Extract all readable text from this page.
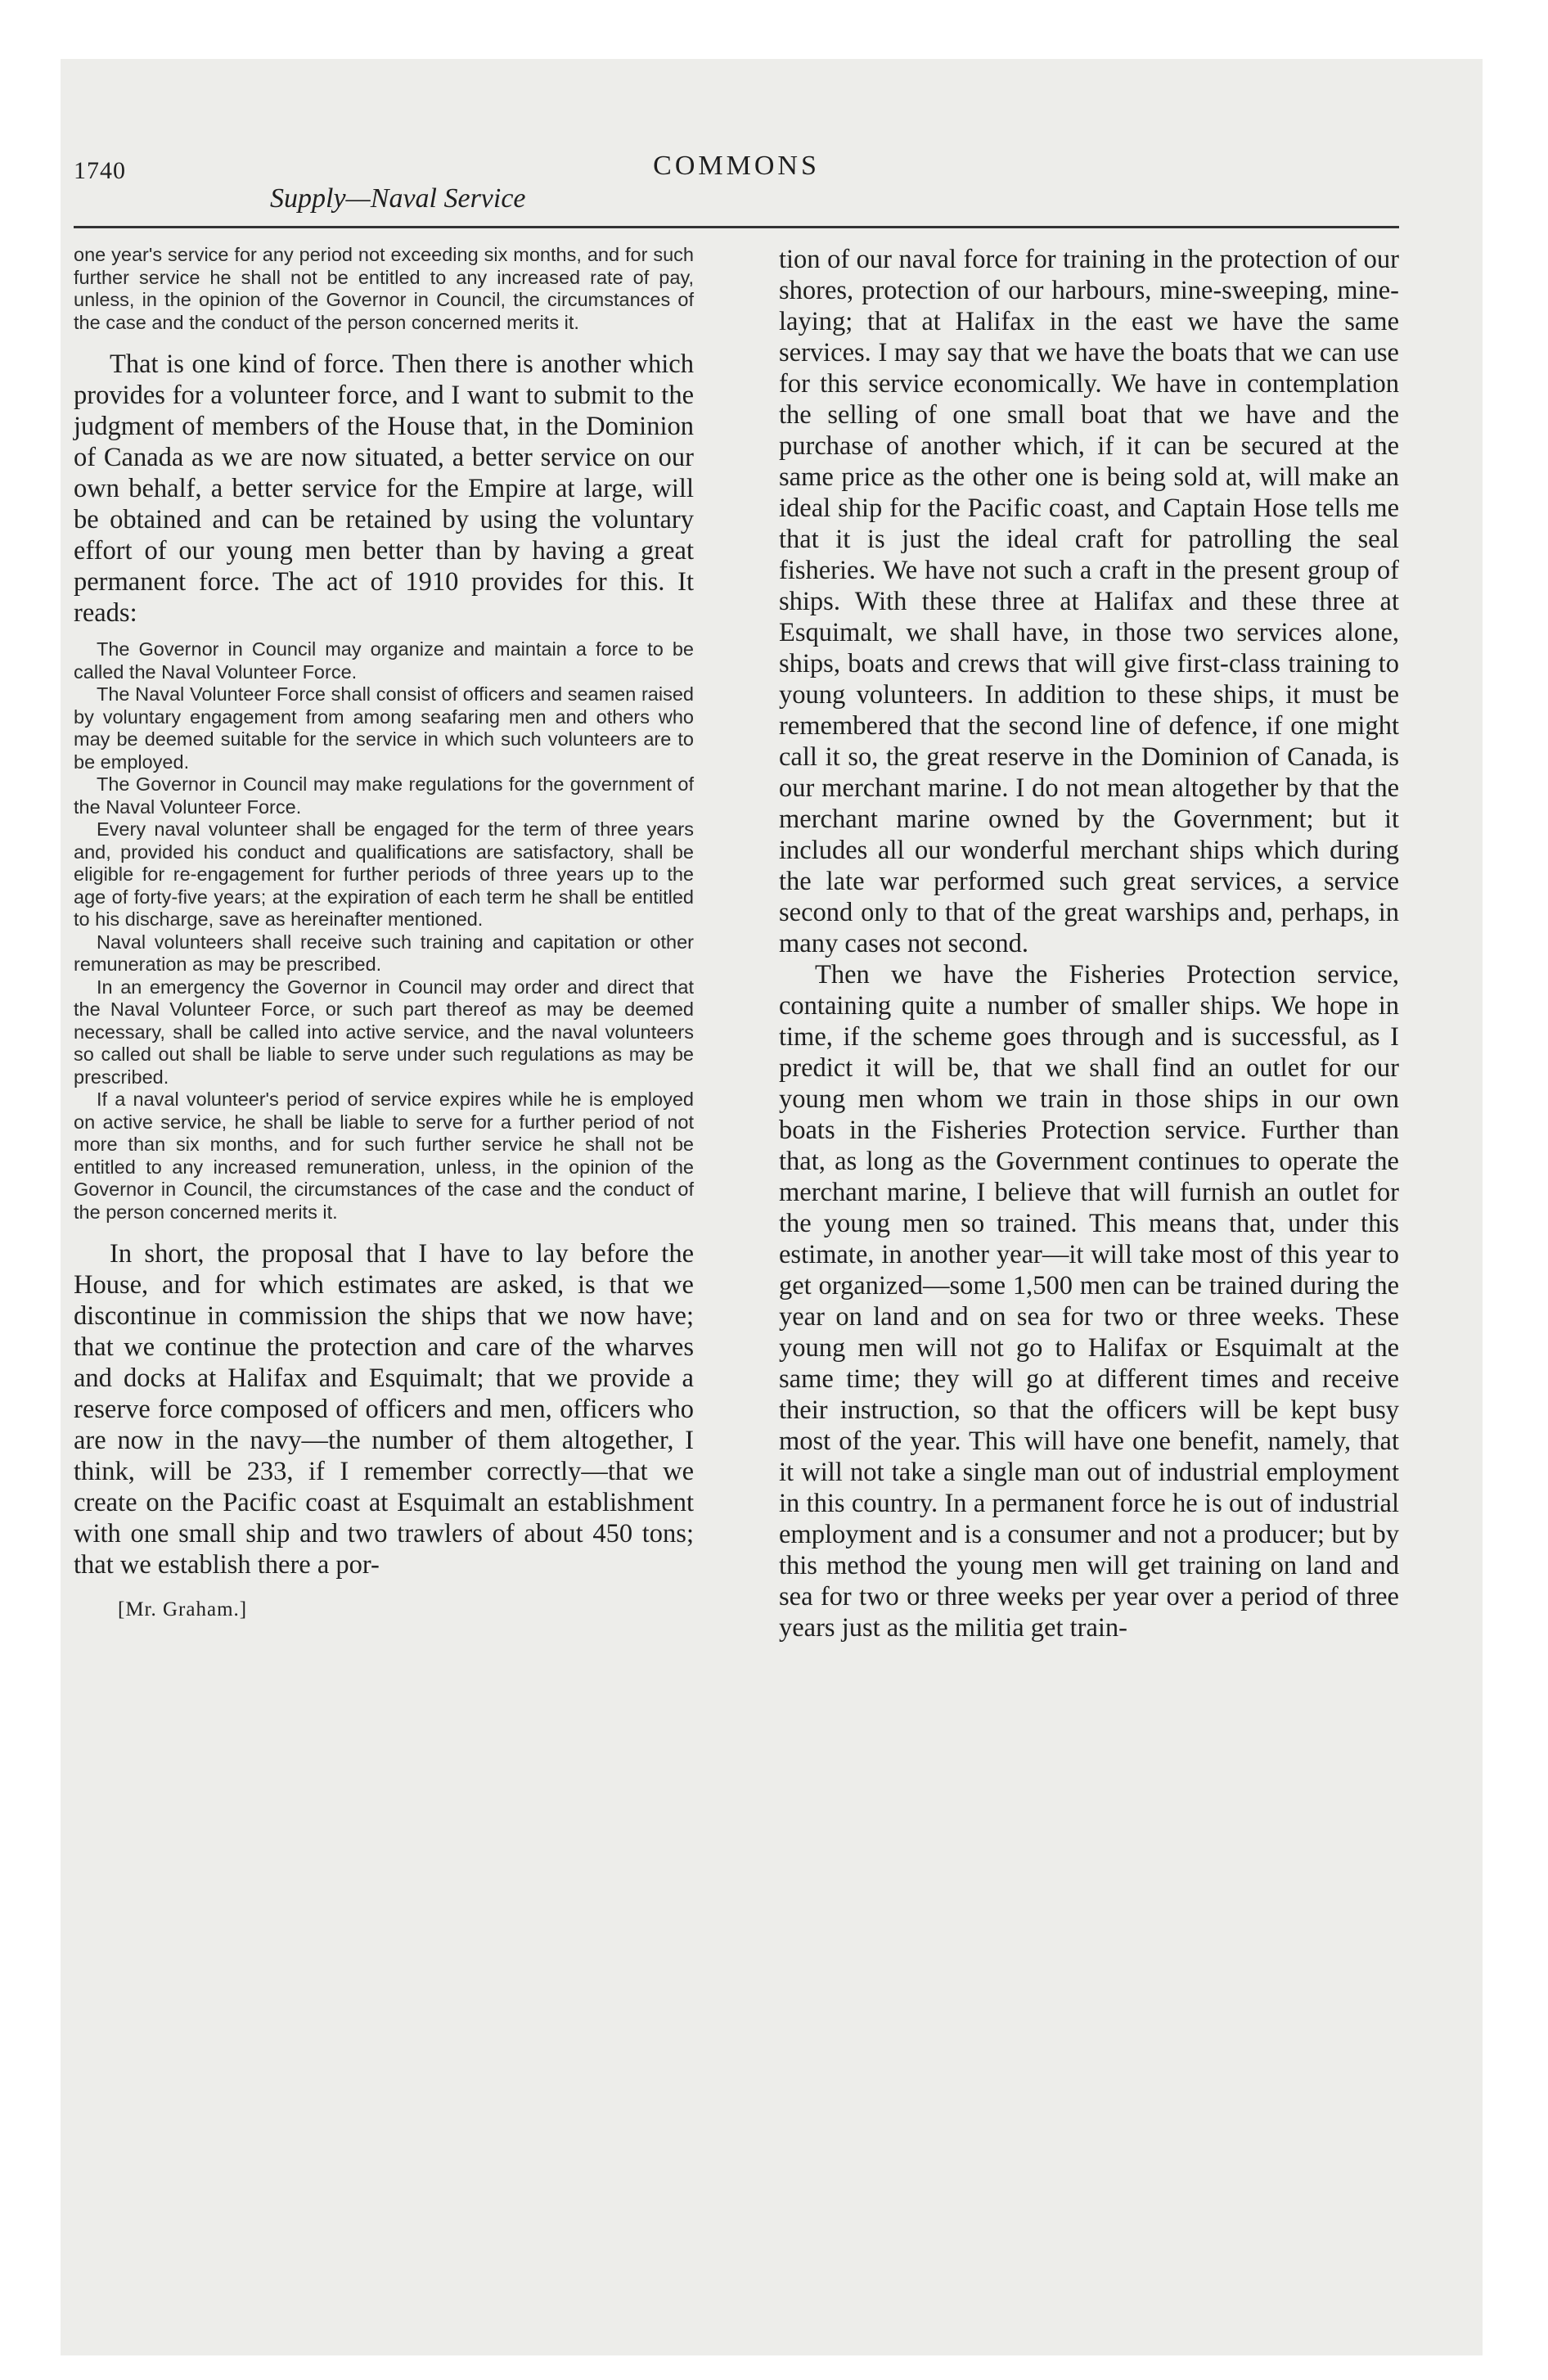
1740	COMMONS
Supply—Naval Service

one year's service for any period not exceeding six months, and for such further service he shall not be entitled to any increased rate of pay, unless, in the opinion of the Governor in Council, the circumstances of the case and the conduct of the person concerned merits it.

That is one kind of force. Then there is another which provides for a volunteer force, and I want to submit to the judgment of members of the House that, in the Dominion of Canada as we are now situated, a better service on our own behalf, a better service for the Empire at large, will be obtained and can be retained by using the voluntary effort of our young men better than by having a great permanent force. The act of 1910 provides for this. It reads:

The Governor in Council may organize and maintain a force to be called the Naval Volunteer Force.

The Naval Volunteer Force shall consist of officers and seamen raised by voluntary engagement from among seafaring men and others who may be deemed suitable for the service in which such volunteers are to be employed.

The Governor in Council may make regulations for the government of the Naval Volunteer Force.

Every naval volunteer shall be engaged for the term of three years and, provided his conduct and qualifications are satisfactory, shall be eligible for re-engagement for further periods of three years up to the age of forty-five years; at the expiration of each term he shall be entitled to his discharge, save as hereinafter mentioned.

Naval volunteers shall receive such training and capitation or other remuneration as may be prescribed.

In an emergency the Governor in Council may order and direct that the Naval Volunteer Force, or such part thereof as may be deemed necessary, shall be called into active service, and the naval volunteers so called out shall be liable to serve under such regulations as may be prescribed.

If a naval volunteer's period of service expires while he is employed on active service, he shall be liable to serve for a further period of not more than six months, and for such further service he shall not be entitled to any increased remuneration, unless, in the opinion of the Governor in Council, the circumstances of the case and the conduct of the person concerned merits it.

In short, the proposal that I have to lay before the House, and for which estimates are asked, is that we discontinue in commission the ships that we now have; that we continue the protection and care of the wharves and docks at Halifax and Esquimalt; that we provide a reserve force composed of officers and men, officers who are now in the navy—the number of them altogether, I think, will be 233, if I remember correctly—that we create on the Pacific coast at Esquimalt an establishment with one small ship and two trawlers of about 450 tons; that we establish there a por-

[Mr. Graham.]

tion of our naval force for training in the protection of our shores, protection of our harbours, mine-sweeping, mine-laying; that at Halifax in the east we have the same services. I may say that we have the boats that we can use for this service economically. We have in contemplation the selling of one small boat that we have and the purchase of another which, if it can be secured at the same price as the other one is being sold at, will make an ideal ship for the Pacific coast, and Captain Hose tells me that it is just the ideal craft for patrolling the seal fisheries. We have not such a craft in the present group of ships. With these three at Halifax and these three at Esquimalt, we shall have, in those two services alone, ships, boats and crews that will give first-class training to young volunteers. In addition to these ships, it must be remembered that the second line of defence, if one might call it so, the great reserve in the Dominion of Canada, is our merchant marine. I do not mean altogether by that the merchant marine owned by the Government; but it includes all our wonderful merchant ships which during the late war performed such great services, a service second only to that of the great warships and, perhaps, in many cases not second.

Then we have the Fisheries Protection service, containing quite a number of smaller ships. We hope in time, if the scheme goes through and is successful, as I predict it will be, that we shall find an outlet for our young men whom we train in those ships in our own boats in the Fisheries Protection service. Further than that, as long as the Government continues to operate the merchant marine, I believe that will furnish an outlet for the young men so trained. This means that, under this estimate, in another year—it will take most of this year to get organized—some 1,500 men can be trained during the year on land and on sea for two or three weeks. These young men will not go to Halifax or Esquimalt at the same time; they will go at different times and receive their instruction, so that the officers will be kept busy most of the year. This will have one benefit, namely, that it will not take a single man out of industrial employment in this country. In a permanent force he is out of industrial employment and is a consumer and not a producer; but by this method the young men will get training on land and sea for two or three weeks per year over a period of three years just as the militia get train-
